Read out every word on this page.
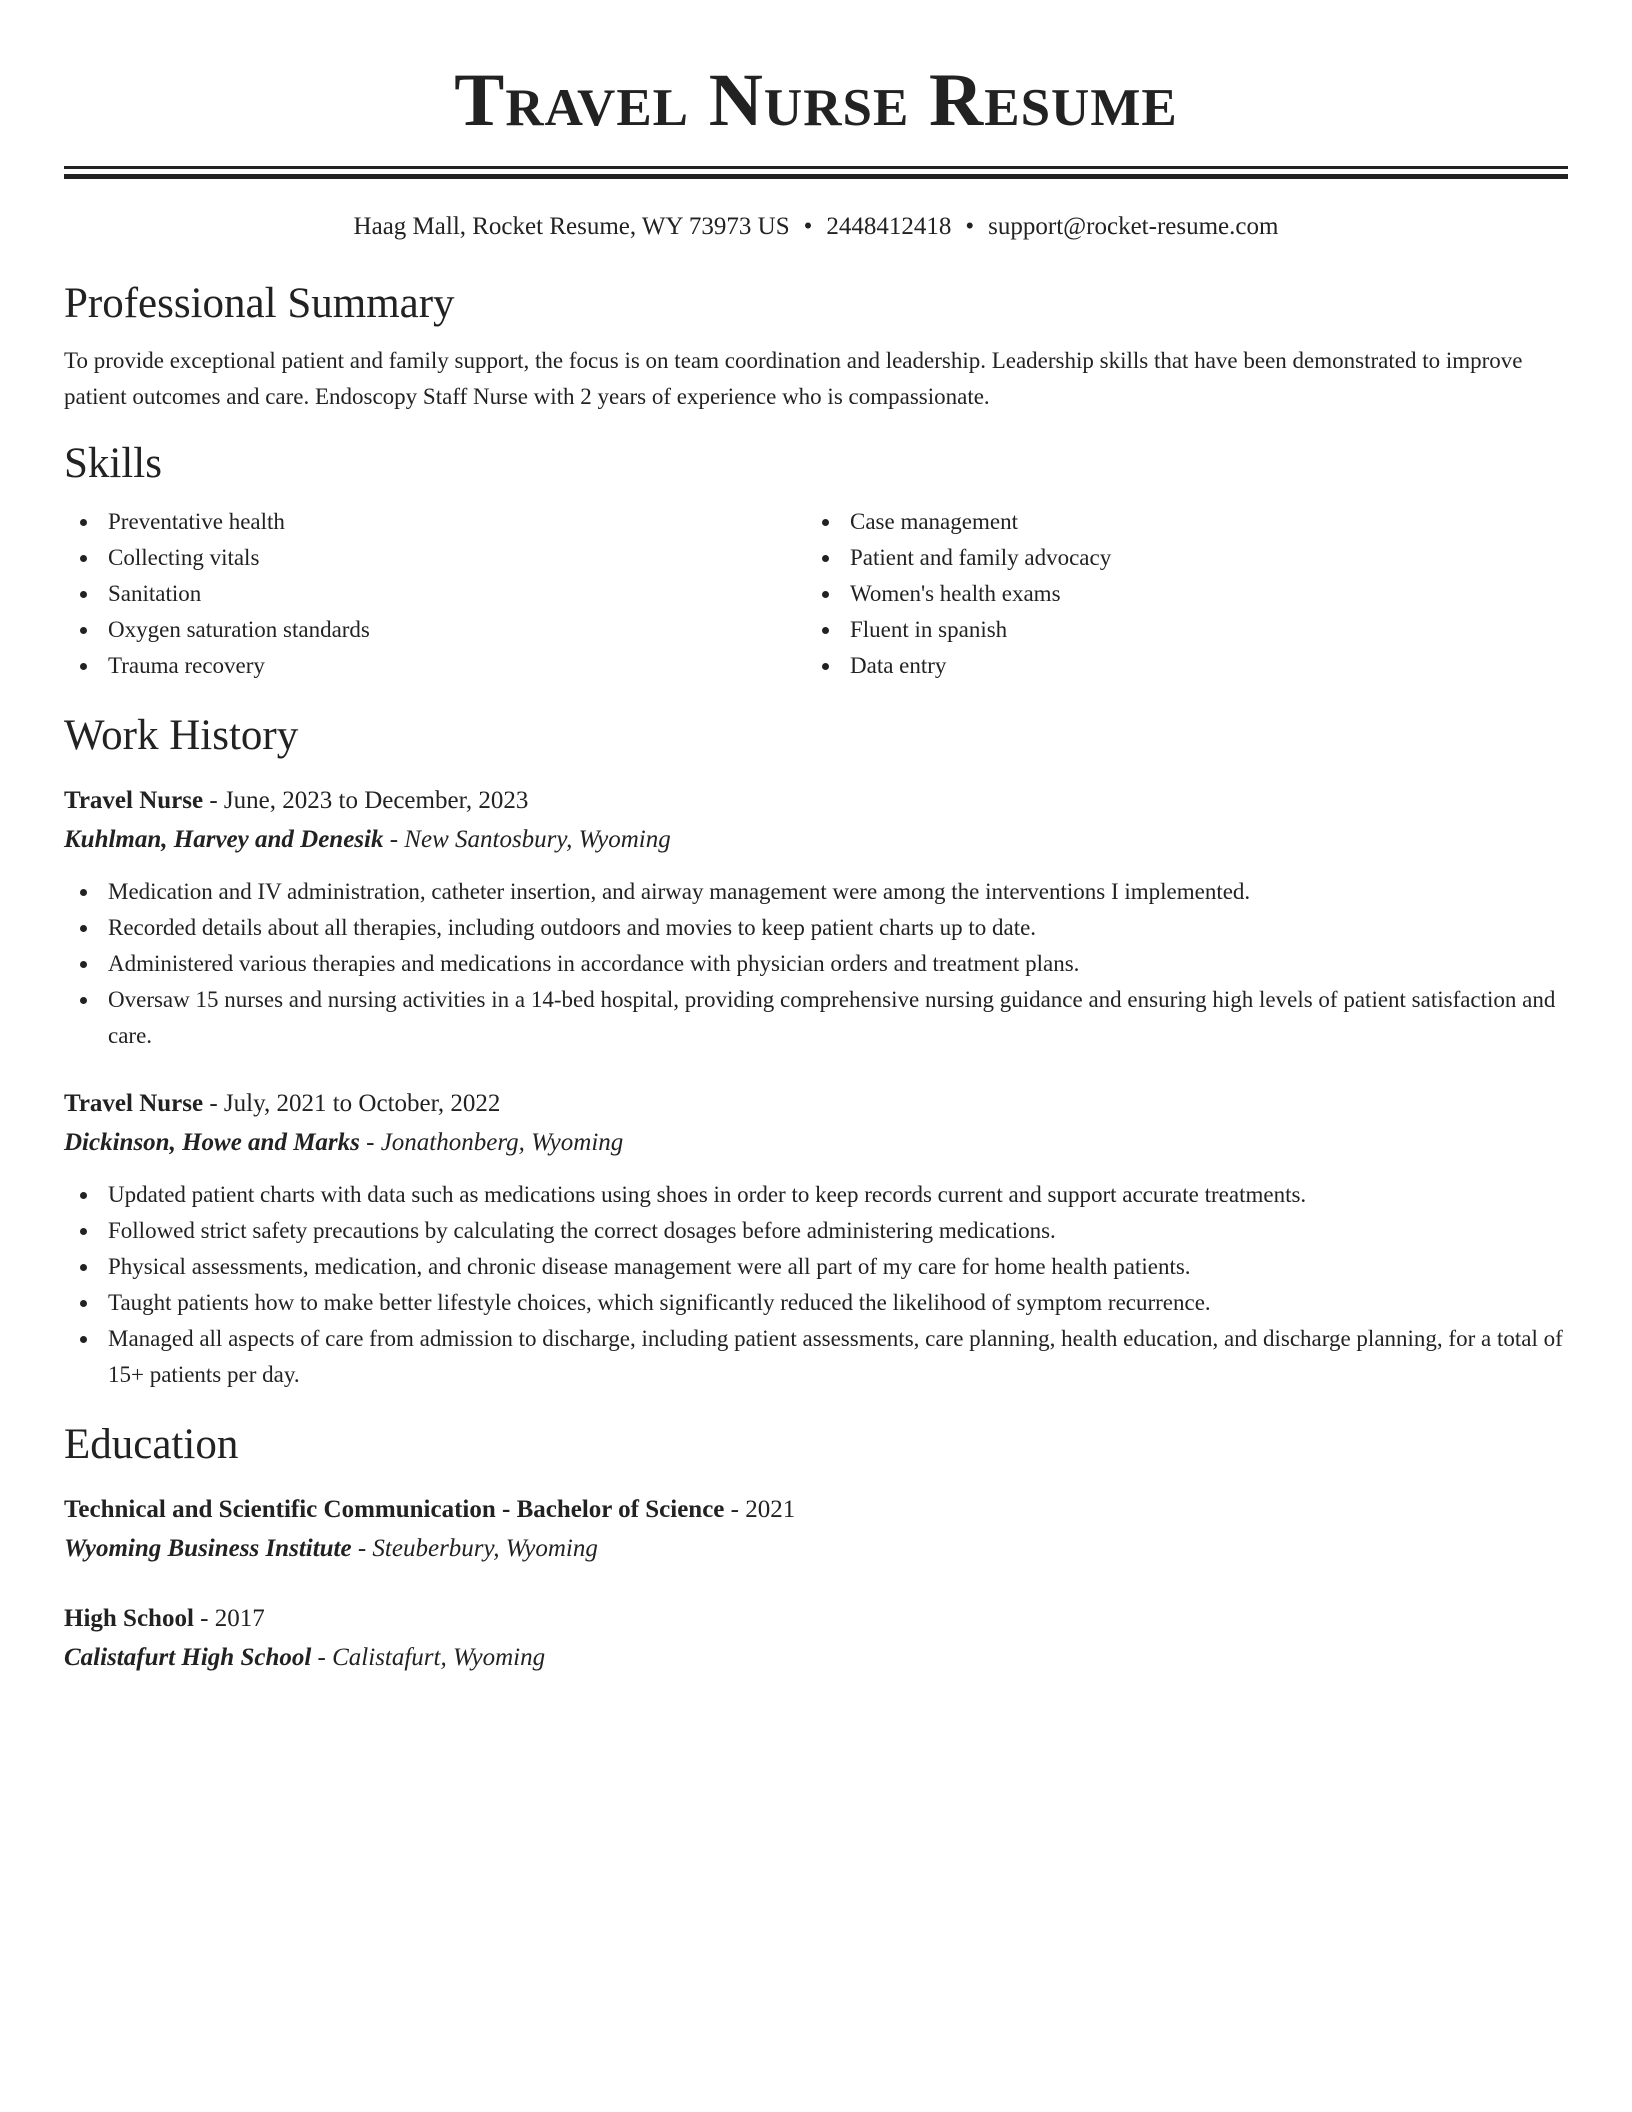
Travel Nurse Resume
Haag Mall, Rocket Resume, WY 73973 US • 2448412418 • support@rocket-resume.com
Professional Summary

To provide exceptional patient and family support, the focus is on team coordination and leadership. Leadership skills that have been demonstrated to improve patient outcomes and care. Endoscopy Staff Nurse with 2 years of experience who is compassionate.

Skills
Preventative health
Collecting vitals
Sanitation
Oxygen saturation standards
Trauma recovery
Case management
Patient and family advocacy
Women's health exams
Fluent in spanish
Data entry
Work History
Travel Nurse - June, 2023 to December, 2023
Kuhlman, Harvey and Denesik - New Santosbury, Wyoming
Medication and IV administration, catheter insertion, and airway management were among the interventions I implemented.
Recorded details about all therapies, including outdoors and movies to keep patient charts up to date.
Administered various therapies and medications in accordance with physician orders and treatment plans.
Oversaw 15 nurses and nursing activities in a 14-bed hospital, providing comprehensive nursing guidance and ensuring high levels of patient satisfaction and care.
Travel Nurse - July, 2021 to October, 2022
Dickinson, Howe and Marks - Jonathonberg, Wyoming
Updated patient charts with data such as medications using shoes in order to keep records current and support accurate treatments.
Followed strict safety precautions by calculating the correct dosages before administering medications.
Physical assessments, medication, and chronic disease management were all part of my care for home health patients.
Taught patients how to make better lifestyle choices, which significantly reduced the likelihood of symptom recurrence.
Managed all aspects of care from admission to discharge, including patient assessments, care planning, health education, and discharge planning, for a total of 15+ patients per day.
Education
Technical and Scientific Communication - Bachelor of Science - 2021
Wyoming Business Institute - Steuberbury, Wyoming
High School - 2017
Calistafurt High School - Calistafurt, Wyoming
